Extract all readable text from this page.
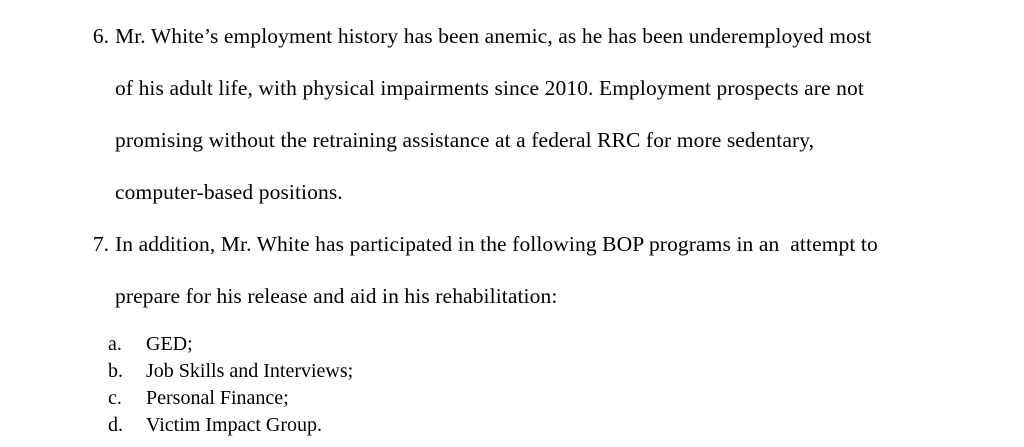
6. Mr. White’s employment history has been anemic, as he has been underemployed most
of his adult life, with physical impairments since 2010. Employment prospects are not
promising without the retraining assistance at a federal RRC for more sedentary,
computer-based positions.
7. In addition, Mr. White has participated in the following BOP programs in an  attempt to
prepare for his release and aid in his rehabilitation:
a.	GED;
b.	Job Skills and Interviews;
c.	Personal Finance;
d.	Victim Impact Group.
